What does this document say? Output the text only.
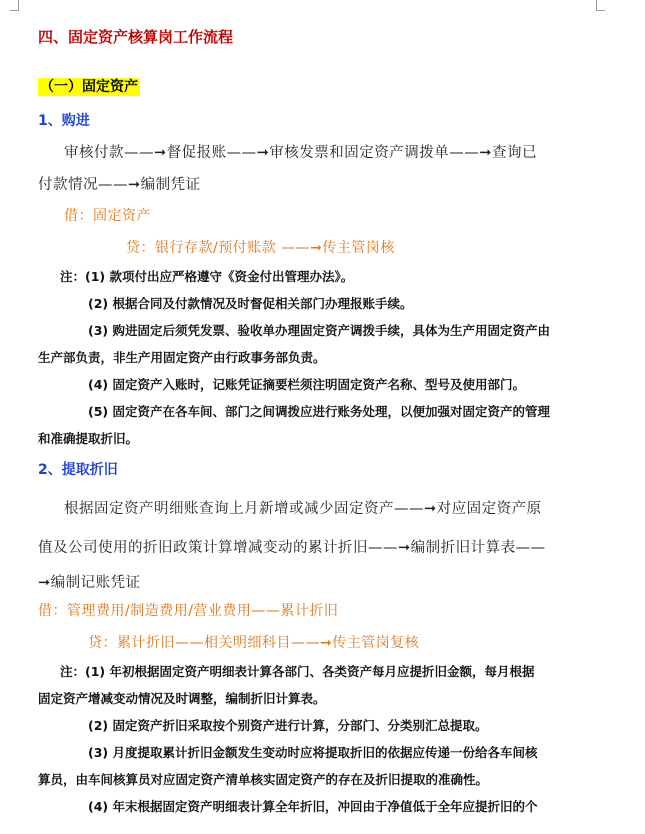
四、固定资产核算岗工作流程
（一）固定资产
1、购进
审核付款——➞督促报账——➞审核发票和固定资产调拨单——➞查询已
付款情况——➞编制凭证
借：固定资产
贷：银行存款/预付账款 ——➞传主管岗核
注：(1) 款项付出应严格遵守《资金付出管理办法》。
(2) 根据合同及付款情况及时督促相关部门办理报账手续。
(3) 购进固定后须凭发票、验收单办理固定资产调拨手续，具体为生产用固定资产由
生产部负责，非生产用固定资产由行政事务部负责。
(4) 固定资产入账时，记账凭证摘要栏须注明固定资产名称、型号及使用部门。
(5) 固定资产在各车间、部门之间调拨应进行账务处理，以便加强对固定资产的管理
和准确提取折旧。
2、提取折旧
根据固定资产明细账查询上月新增或减少固定资产——➞对应固定资产原
值及公司使用的折旧政策计算增减变动的累计折旧——➞编制折旧计算表——
➞编制记账凭证
借：管理费用/制造费用/营业费用——累计折旧
贷：累计折旧——相关明细科目——➞传主管岗复核
注：(1) 年初根据固定资产明细表计算各部门、各类资产每月应提折旧金额，每月根据
固定资产增减变动情况及时调整，编制折旧计算表。
(2) 固定资产折旧采取按个别资产进行计算，分部门、分类别汇总提取。
(3) 月度提取累计折旧金额发生变动时应将提取折旧的依据应传递一份给各车间核
算员，由车间核算员对应固定资产清单核实固定资产的存在及折旧提取的准确性。
(4) 年末根据固定资产明细表计算全年折旧，冲回由于净值低于全年应提折旧的个
